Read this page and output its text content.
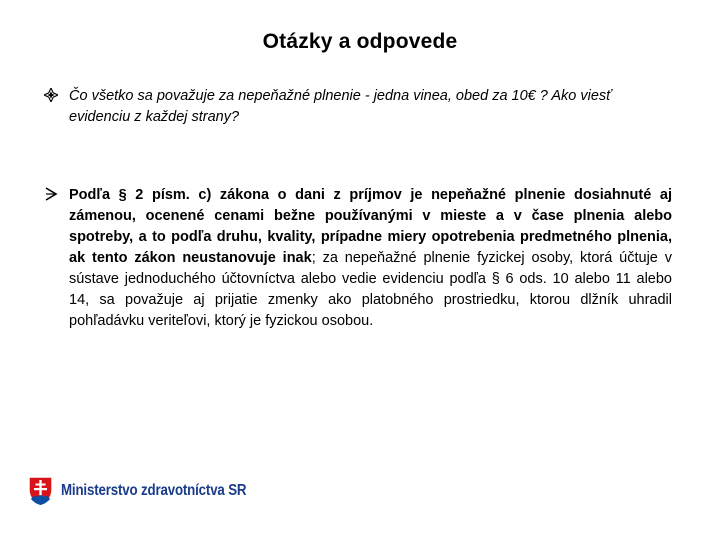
Otázky a odpovede
Čo všetko sa považuje za nepeňažné plnenie - jedna vinea, obed za 10€ ? Ako viesť evidenciu z každej strany?
Podľa § 2 písm. c) zákona o dani z príjmov je nepeňažné plnenie dosiahnuté aj zámenou, ocenené cenami bežne používanými v mieste a v čase plnenia alebo spotreby, a to podľa druhu, kvality, prípadne miery opotrebenia predmetného plnenia, ak tento zákon neustanovuje inak; za nepeňažné plnenie fyzickej osoby, ktorá účtuje v sústave jednoduchého účtovníctva alebo vedie evidenciu podľa § 6 ods. 10 alebo 11 alebo 14, sa považuje aj prijatie zmenky ako platobného prostriedku, ktorou dlžník uhradil pohľadávku veriteľovi, ktorý je fyzickou osobou.
Ministerstvo zdravotníctva SR
